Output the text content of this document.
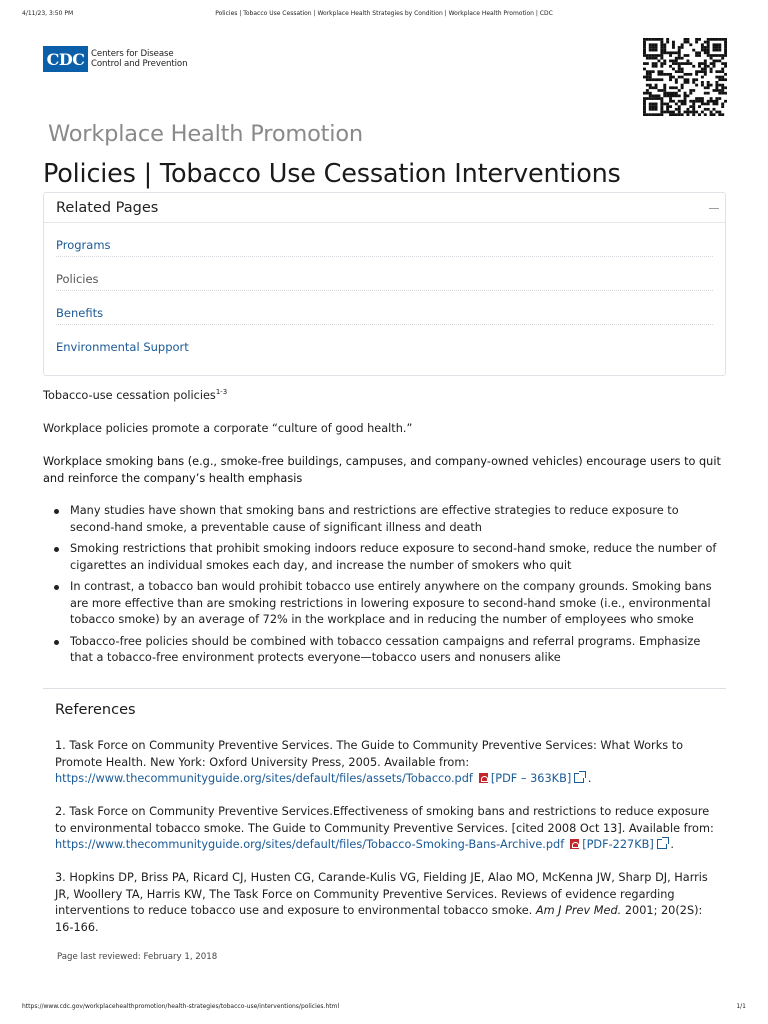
4/11/23, 3:50 PM	Policies | Tobacco Use Cessation | Workplace Health Strategies by Condition | Workplace Health Promotion | CDC
CDC Centers for Disease
Control and Prevention
Workplace Health Promotion
Policies | Tobacco Use Cessation Interventions
Related Pages
Programs
Policies
Benefits
Environmental Support
Tobacco-use cessation policies$^{1-3}$

Workplace policies promote a corporate “culture of good health.”

Workplace smoking bans (e.g., smoke-free buildings, campuses, and company-owned vehicles) encourage users to quit and reinforce the company’s health emphasis

Many studies have shown that smoking bans and restrictions are effective strategies to reduce exposure to second-hand smoke, a preventable cause of significant illness and death
Smoking restrictions that prohibit smoking indoors reduce exposure to second-hand smoke, reduce the number of cigarettes an individual smokes each day, and increase the number of smokers who quit
In contrast, a tobacco ban would prohibit tobacco use entirely anywhere on the company grounds. Smoking bans are more effective than are smoking restrictions in lowering exposure to second-hand smoke (i.e., environmental tobacco smoke) by an average of 72% in the workplace and in reducing the number of employees who smoke
Tobacco-free policies should be combined with tobacco cessation campaigns and referral programs. Emphasize that a tobacco-free environment protects everyone—tobacco users and nonusers alike
References
1. Task Force on Community Preventive Services. The Guide to Community Preventive Services: What Works to Promote Health. New York: Oxford University Press, 2005. Available from: https://www.thecommunityguide.org/sites/default/files/assets/Tobacco.pdf [PDF – 363KB] .
2. Task Force on Community Preventive Services.Effectiveness of smoking bans and restrictions to reduce exposure to environmental tobacco smoke. The Guide to Community Preventive Services. [cited 2008 Oct 13]. Available from: https://www.thecommunityguide.org/sites/default/files/Tobacco-Smoking-Bans-Archive.pdf [PDF-227KB] .
3. Hopkins DP, Briss PA, Ricard CJ, Husten CG, Carande-Kulis VG, Fielding JE, Alao MO, McKenna JW, Sharp DJ, Harris JR, Woollery TA, Harris KW, The Task Force on Community Preventive Services. Reviews of evidence regarding interventions to reduce tobacco use and exposure to environmental tobacco smoke. Am J Prev Med. 2001; 20(2S): 16-166.
Page last reviewed: February 1, 2018
https://www.cdc.gov/workplacehealthpromotion/health-strategies/tobacco-use/interventions/policies.html	1/1
